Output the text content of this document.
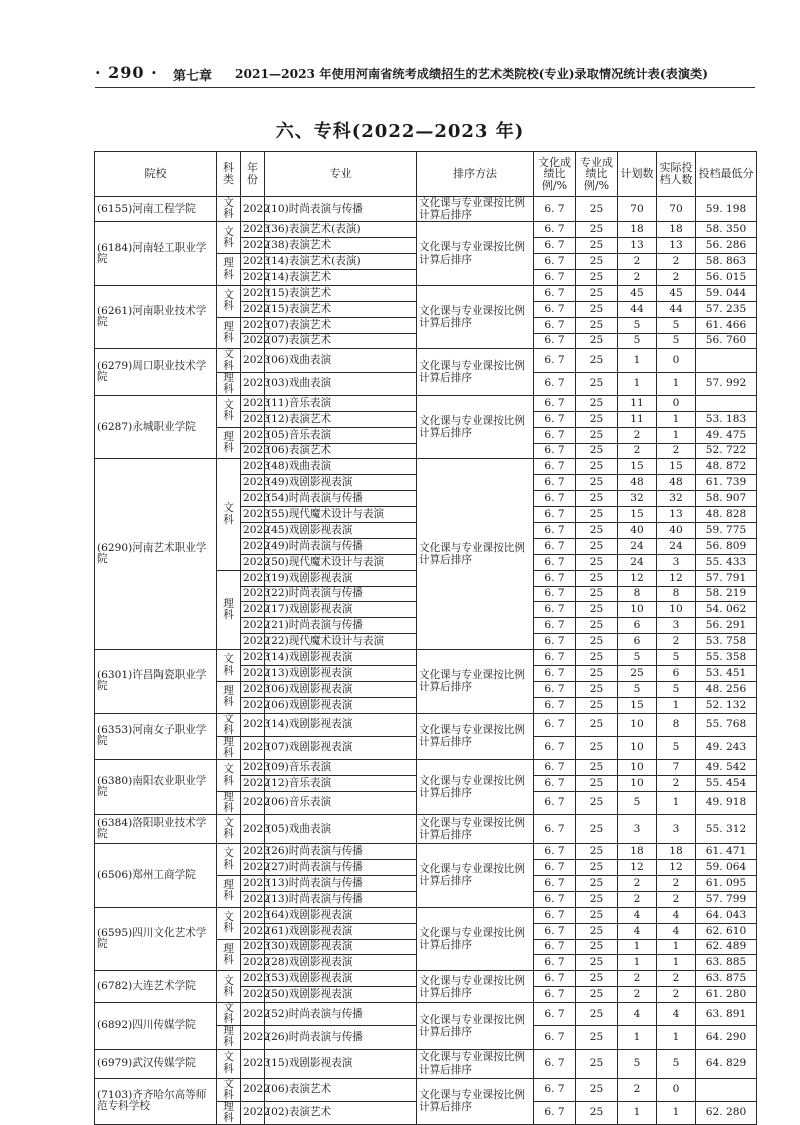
· 290 · 第七章 2021—2023 年使用河南省统考成绩招生的艺术类院校(专业)录取情况统计表(表演类)
六、专科(2022—2023 年)
院校	科类	年份	专业	排序方法	文化成绩比例/%	专业成绩比例/%	计划数	实际投档人数	投档最低分
(6155)河南工程学院	文科	2022	(10)时尚表演与传播	文化课与专业课按比例计算后排序	6. 7	25	70	70	59. 198
(6184)河南轻工职业学院	文科	2023	(36)表演艺术(表演)	文化课与专业课按比例计算后排序	6. 7	25	18	18	58. 350
		2022	(38)表演艺术		6. 7	25	13	13	56. 286
	理科	2023	(14)表演艺术(表演)		6. 7	25	2	2	58. 863
		2022	(14)表演艺术		6. 7	25	2	2	56. 015
(6261)河南职业技术学院	文科	2023	(15)表演艺术	文化课与专业课按比例计算后排序	6. 7	25	45	45	59. 044
		2022	(15)表演艺术		6. 7	25	44	44	57. 235
	理科	2023	(07)表演艺术		6. 7	25	5	5	61. 466
		2022	(07)表演艺术		6. 7	25	5	5	56. 760
(6279)周口职业技术学院	文科	2023	(06)戏曲表演	文化课与专业课按比例计算后排序	6. 7	25	1	0	
	理科	2023	(03)戏曲表演		6. 7	25	1	1	57. 992
(6287)永城职业学院	文科	2023	(11)音乐表演	文化课与专业课按比例计算后排序	6. 7	25	11	0	
		2023	(12)表演艺术		6. 7	25	11	1	53. 183
	理科	2023	(05)音乐表演		6. 7	25	2	1	49. 475
		2023	(06)表演艺术		6. 7	25	2	2	52. 722
(6290)河南艺术职业学院	文科	2023	(48)戏曲表演	文化课与专业课按比例计算后排序	6. 7	25	15	15	48. 872
		2023	(49)戏剧影视表演		6. 7	25	48	48	61. 739
		2023	(54)时尚表演与传播		6. 7	25	32	32	58. 907
		2023	(55)现代魔术设计与表演		6. 7	25	15	13	48. 828
		2022	(45)戏剧影视表演		6. 7	25	40	40	59. 775
		2022	(49)时尚表演与传播		6. 7	25	24	24	56. 809
		2022	(50)现代魔术设计与表演		6. 7	25	24	3	55. 433
	理科	2023	(19)戏剧影视表演		6. 7	25	12	12	57. 791
		2023	(22)时尚表演与传播		6. 7	25	8	8	58. 219
		2022	(17)戏剧影视表演		6. 7	25	10	10	54. 062
		2022	(21)时尚表演与传播		6. 7	25	6	3	56. 291
		2022	(22)现代魔术设计与表演		6. 7	25	6	2	53. 758
(6301)许昌陶瓷职业学院	文科	2023	(14)戏剧影视表演	文化课与专业课按比例计算后排序	6. 7	25	5	5	55. 358
		2022	(13)戏剧影视表演		6. 7	25	25	6	53. 451
	理科	2023	(06)戏剧影视表演		6. 7	25	5	5	48. 256
		2022	(06)戏剧影视表演		6. 7	25	15	1	52. 132
(6353)河南女子职业学院	文科	2023	(14)戏剧影视表演	文化课与专业课按比例计算后排序	6. 7	25	10	8	55. 768
	理科	2023	(07)戏剧影视表演		6. 7	25	10	5	49. 243
(6380)南阳农业职业学院	文科	2023	(09)音乐表演	文化课与专业课按比例计算后排序	6. 7	25	10	7	49. 542
		2022	(12)音乐表演		6. 7	25	10	2	55. 454
	理科	2022	(06)音乐表演		6. 7	25	5	1	49. 918
(6384)洛阳职业技术学院	文科	2023	(05)戏曲表演	文化课与专业课按比例计算后排序	6. 7	25	3	3	55. 312
(6506)郑州工商学院	文科	2023	(26)时尚表演与传播	文化课与专业课按比例计算后排序	6. 7	25	18	18	61. 471
		2022	(27)时尚表演与传播		6. 7	25	12	12	59. 064
	理科	2023	(13)时尚表演与传播		6. 7	25	2	2	61. 095
		2022	(13)时尚表演与传播		6. 7	25	2	2	57. 799
(6595)四川文化艺术学院	文科	2023	(64)戏剧影视表演	文化课与专业课按比例计算后排序	6. 7	25	4	4	64. 043
		2022	(61)戏剧影视表演		6. 7	25	4	4	62. 610
	理科	2023	(30)戏剧影视表演		6. 7	25	1	1	62. 489
		2022	(28)戏剧影视表演		6. 7	25	1	1	63. 885
(6782)大连艺术学院	文科	2023	(53)戏剧影视表演	文化课与专业课按比例计算后排序	6. 7	25	2	2	63. 875
		2022	(50)戏剧影视表演		6. 7	25	2	2	61. 280
(6892)四川传媒学院	文科	2022	(52)时尚表演与传播	文化课与专业课按比例计算后排序	6. 7	25	4	4	63. 891
	理科	2022	(26)时尚表演与传播		6. 7	25	1	1	64. 290
(6979)武汉传媒学院	文科	2023	(15)戏剧影视表演	文化课与专业课按比例计算后排序	6. 7	25	5	5	64. 829
(7103)齐齐哈尔高等师范专科学校	文科	2022	(06)表演艺术	文化课与专业课按比例计算后排序	6. 7	25	2	0	
	理科	2022	(02)表演艺术		6. 7	25	1	1	62. 280
